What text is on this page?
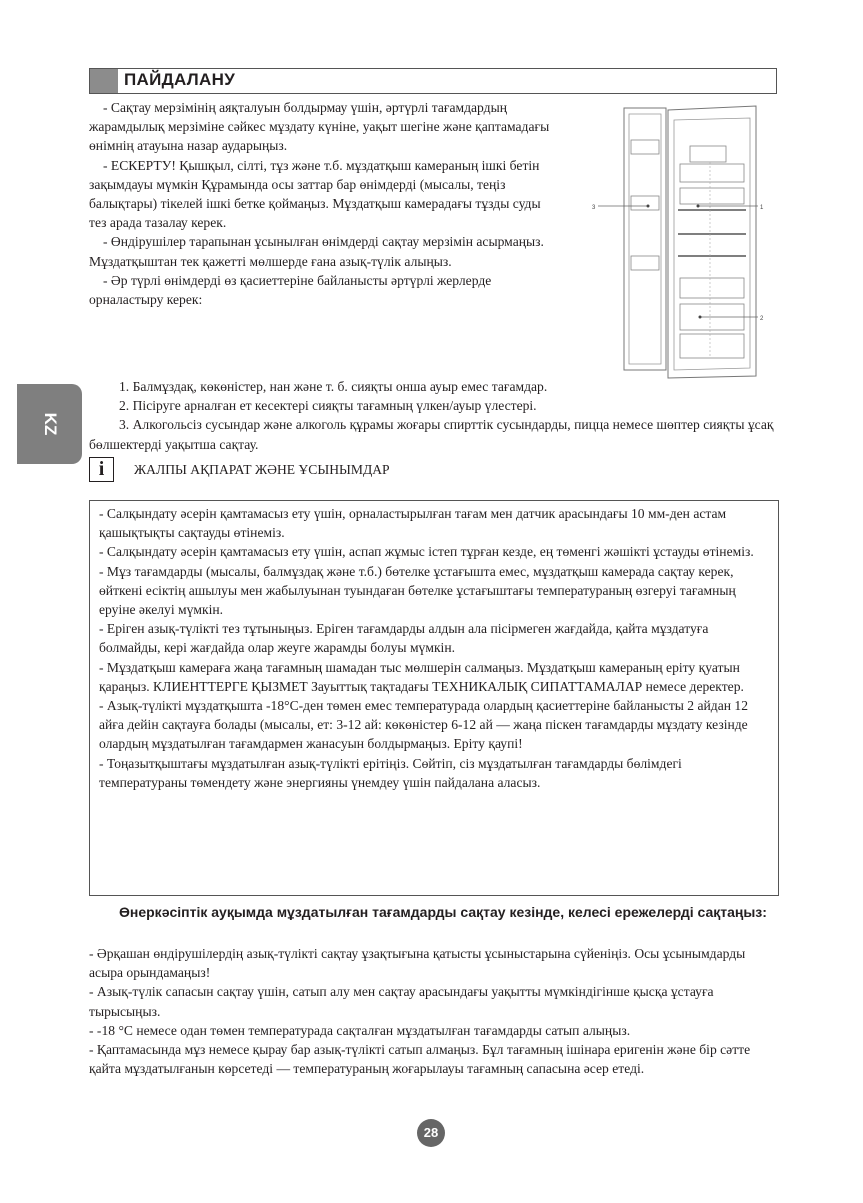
ПАЙДАЛАНУ

- Сақтау мерзімінің аяқталуын болдырмау үшін, әртүрлі тағамдардың жарамдылық мерзіміне сәйкес мұздату күніне, уақыт шегіне және қаптамадағы өнімнің атауына назар аударыңыз.

- ЕСКЕРТУ! Қышқыл, сілті, тұз және т.б. мұздатқыш камераның ішкі бетін зақымдауы мүмкін Құрамында осы заттар бар өнімдерді (мысалы, теңіз балықтары) тікелей ішкі бетке қоймаңыз. Мұздатқыш камерадағы тұзды суды тез арада тазалау керек.

- Өндірушілер тарапынан ұсынылған өнімдерді сақтау мерзімін асырмаңыз. Мұздатқыштан тек қажетті мөлшерде ғана азық-түлік алыңыз.

- Әр түрлі өнімдерді өз қасиеттеріне байланысты әртүрлі жерлерде орналастыру керек:

3	1
2

1. Балмұздақ, көкөністер, нан және т. б. сияқты онша ауыр емес тағамдар.

2. Пісіруге арналған ет кесектері сияқты тағамның үлкен/ауыр үлестері.

3. Алкогольсіз сусындар және алкоголь құрамы жоғары спирттік сусындарды, пицца немесе шөптер сияқты ұсақ бөлшектерді уақытша сақтау.

KZ
i	ЖАЛПЫ АҚПАРАТ ЖӘНЕ ҰСЫНЫМДАР

- Салқындату әсерін қамтамасыз ету үшін, орналастырылған тағам мен датчик арасындағы 10 мм-ден астам қашықтықты сақтауды өтінеміз.

- Салқындату әсерін қамтамасыз ету үшін, аспап жұмыс істеп тұрған кезде, ең төменгі жәшікті ұстауды өтінеміз.

- Мұз тағамдарды (мысалы, балмұздақ және т.б.) бөтелке ұстағышта емес, мұздатқыш камерада сақтау керек, өйткені есіктің ашылуы мен жабылуынан туындаған бөтелке ұстағыштағы температураның өзгеруі тағамның еруіне әкелуі мүмкін.

- Еріген азық-түлікті тез тұтыныңыз. Еріген тағамдарды алдын ала пісірмеген жағдайда, қайта мұздатуға болмайды, кері жағдайда олар жеуге жарамды болуы мүмкін.

- Мұздатқыш камераға жаңа тағамның шамадан тыс мөлшерін салмаңыз. Мұздатқыш камераның еріту қуатын қараңыз. КЛИЕНТТЕРГЕ ҚЫЗМЕТ Зауыттық тақтадағы ТЕХНИКАЛЫҚ СИПАТТАМАЛАР немесе деректер.

- Азық-түлікті мұздатқышта -18°C-ден төмен емес температурада олардың қасиеттеріне байланысты 2 айдан 12 айға дейін сақтауға болады (мысалы, ет: 3-12 ай: көкөністер 6-12 ай — жаңа піскен тағамдарды мұздату кезінде олардың мұздатылған тағамдармен жанасуын болдырмаңыз. Еріту қаупі!

- Тоңазытқыштағы мұздатылған азық-түлікті ерітіңіз. Сөйтіп, сіз мұздатылған тағамдарды бөлімдегі температураны төмендету және энергияны үнемдеу үшін пайдалана аласыз.

Өнеркәсіптік ауқымда мұздатылған тағамдарды сақтау кезінде, келесі ережелерді сақтаңыз:

- Әрқашан өндірушілердің азық-түлікті сақтау ұзақтығына қатысты ұсыныстарына сүйеніңіз. Осы ұсынымдарды асыра орындамаңыз!

- Азық-түлік сапасын сақтау үшін, сатып алу мен сақтау арасындағы уақытты мүмкіндігінше қысқа ұстауға тырысыңыз.

- -18 °C немесе одан төмен температурада сақталған мұздатылған тағамдарды сатып алыңыз.

- Қаптамасында мұз немесе қырау бар азық-түлікті сатып алмаңыз. Бұл тағамның ішінара еригенін және бір сәтте қайта мұздатылғанын көрсетеді — температураның жоғарылауы тағамның сапасына әсер етеді.

28
